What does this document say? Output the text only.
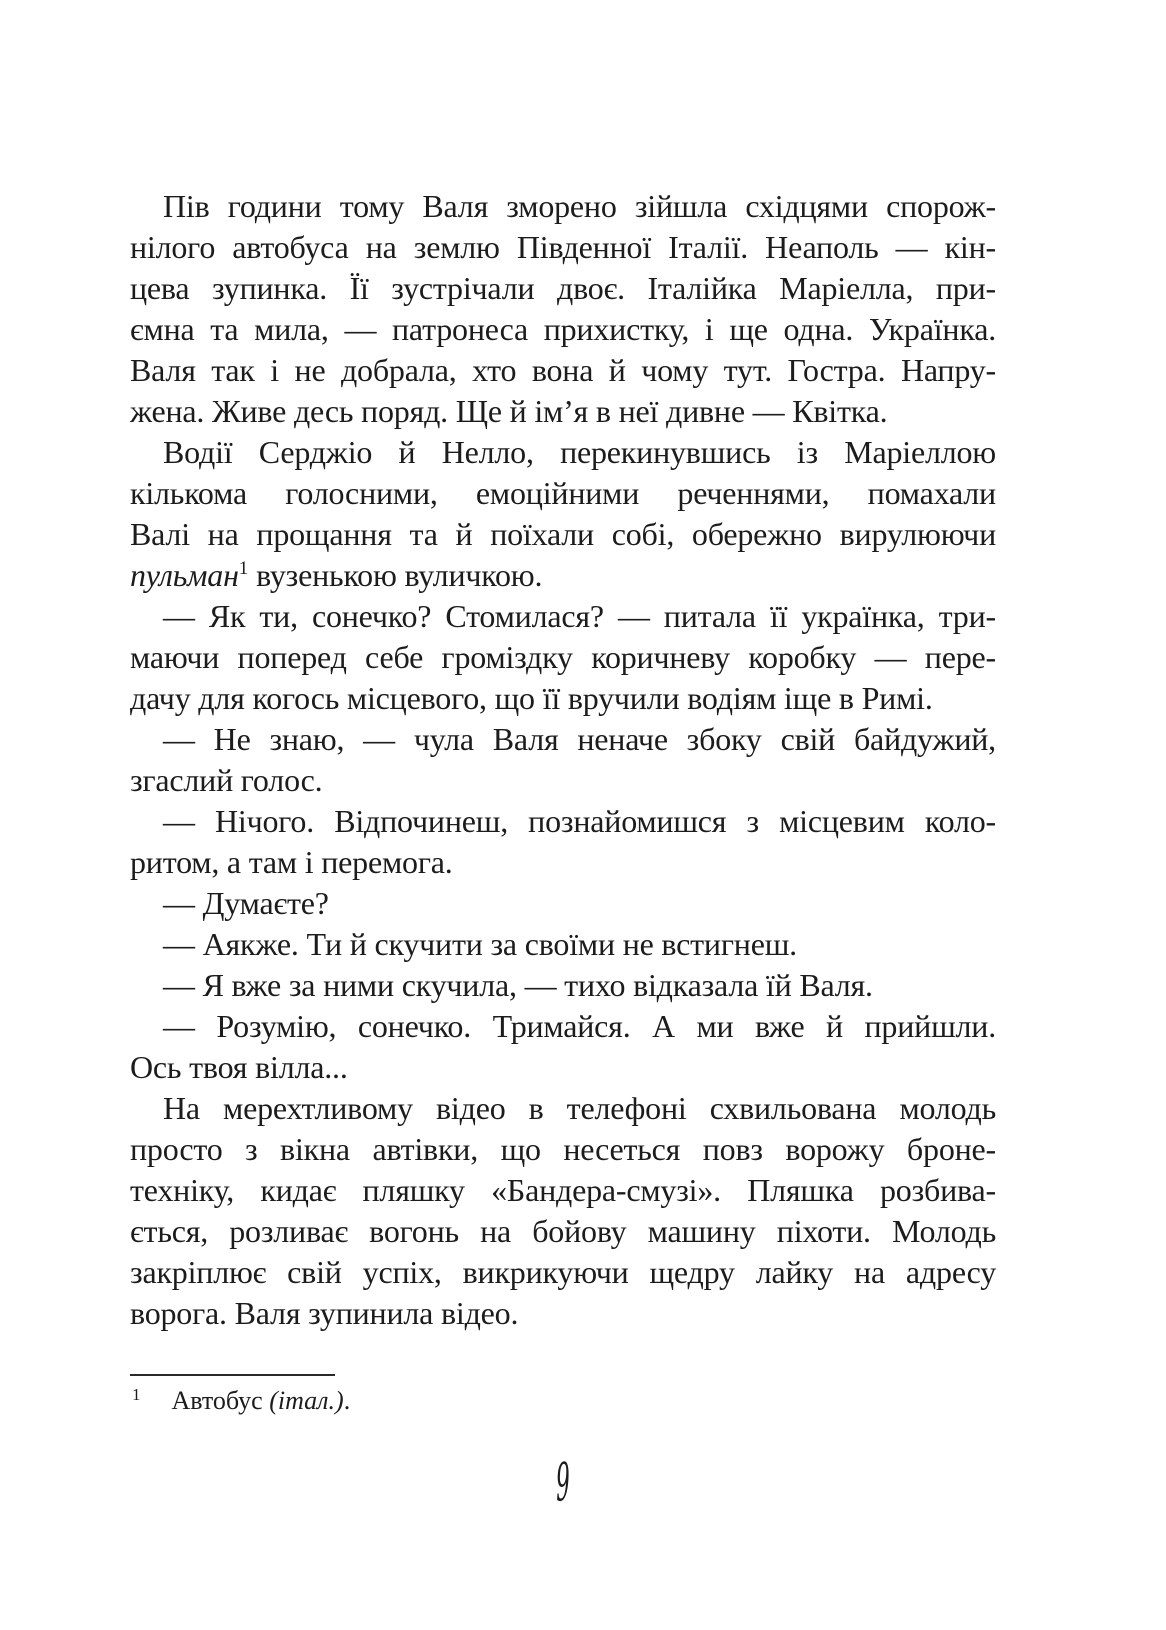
Пів години тому Валя зморено зійшла східцями спорож-
нілого автобуса на землю Південної Італії. Неаполь — кін-
цева зупинка. Її зустрічали двоє. Італійка Маріелла, при-
ємна та мила, — патронеса прихистку, і ще одна. Українка.
Валя так і не добрала, хто вона й чому тут. Гостра. Напру-
жена. Живе десь поряд. Ще й ім’я в неї дивне — Квітка.
Водії Серджіо й Нелло, перекинувшись із Маріеллою
кількома голосними, емоційними реченнями, помахали
Валі на прощання та й поїхали собі, обережно вирулюючи
пульман$^1$ вузенькою вуличкою.
— Як ти, сонечко? Стомилася? — питала її українка, три-
маючи поперед себе громіздку коричневу коробку — пере-
дачу для когось місцевого, що її вручили водіям іще в Римі.
— Не знаю, — чула Валя неначе збоку свій байдужий,
згаслий голос.
— Нічого. Відпочинеш, познайомишся з місцевим коло-
ритом, а там і перемога.
— Думаєте?
— Аякже. Ти й скучити за своїми не встигнеш.
— Я вже за ними скучила, — тихо відказала їй Валя.
— Розумію, сонечко. Тримайся. А ми вже й прийшли.
Ось твоя вілла...
На мерехтливому відео в телефоні схвильована молодь
просто з вікна автівки, що несеться повз ворожу броне-
техніку, кидає пляшку «Бандера-смузі». Пляшка розбива-
ється, розливає вогонь на бойову машину піхоти. Молодь
закріплює свій успіх, викрикуючи щедру лайку на адресу
ворога. Валя зупинила відео.
$^1$ Автобус (італ.).
9
